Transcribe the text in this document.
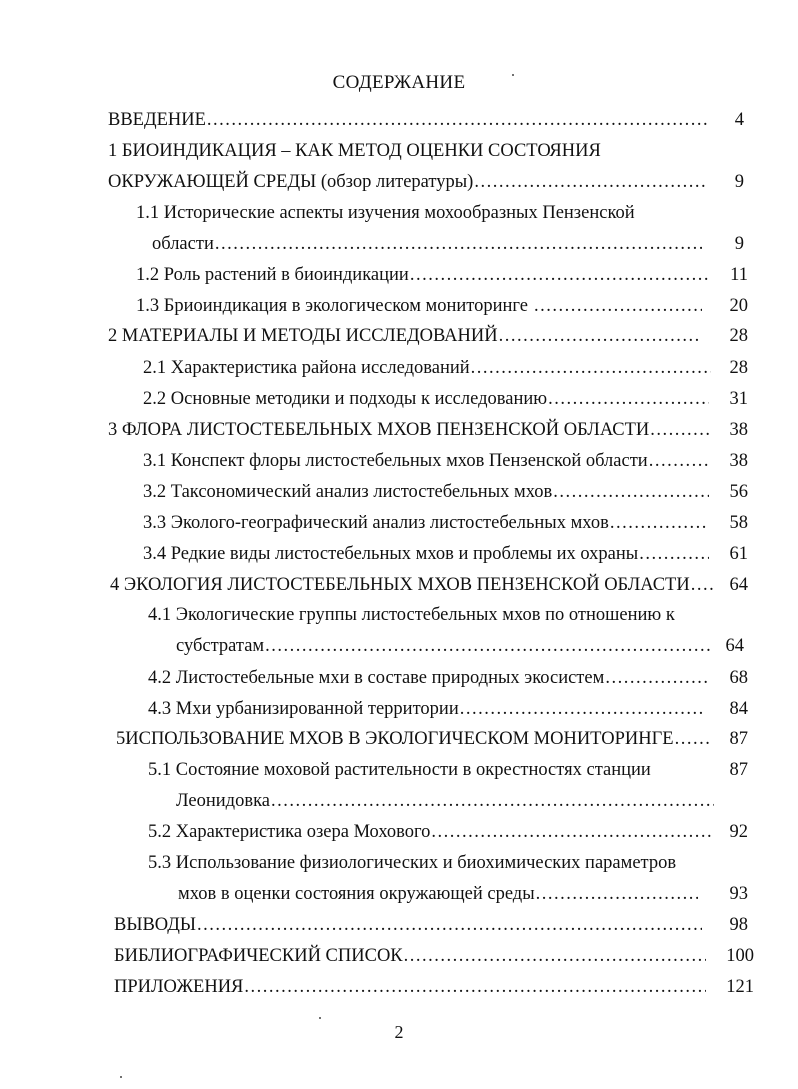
СОДЕРЖАНИЕ
ВВЕДЕНИЕ .....	4
1 БИОИНДИКАЦИЯ – КАК МЕТОД ОЦЕНКИ СОСТОЯНИЯ
ОКРУЖАЮЩЕЙ СРЕДЫ (обзор литературы) .....	9
1.1 Исторические аспекты изучения мохообразных Пензенской
области .....	9
1.2 Роль растений в биоиндикации .....	11
1.3 Бриоиндикация в экологическом мониторинге .....	20
2 МАТЕРИАЛЫ И МЕТОДЫ ИССЛЕДОВАНИЙ .....	28
2.1 Характеристика района исследований .....	28
2.2 Основные методики и подходы к исследованию .....	31
3 ФЛОРА ЛИСТОСТЕБЕЛЬНЫХ МХОВ ПЕНЗЕНСКОЙ ОБЛАСТИ .....	38
3.1 Конспект флоры листостебельных мхов Пензенской области .....	38
3.2 Таксономический анализ листостебельных мхов .....	56
3.3 Эколого-географический анализ листостебельных мхов .....	58
3.4 Редкие виды листостебельных мхов и проблемы их охраны .....	61
4 ЭКОЛОГИЯ ЛИСТОСТЕБЕЛЬНЫХ МХОВ ПЕНЗЕНСКОЙ ОБЛАСТИ .....	64
4.1 Экологические группы листостебельных мхов по отношению к
субстратам .....	64
4.2 Листостебельные мхи в составе природных экосистем .....	68
4.3 Мхи урбанизированной территории .....	84
5ИСПОЛЬЗОВАНИЕ МХОВ В ЭКОЛОГИЧЕСКОМ МОНИТОРИНГЕ .....	87
5.1 Состояние моховой растительности в окрестностях станции	87
Леонидовка
.....
5.2 Характеристика озера Мохового .....	92
5.3 Использование физиологических и биохимических параметров
мхов в оценки состояния окружающей среды .....	93
ВЫВОДЫ .....	98
БИБЛИОГРАФИЧЕСКИЙ СПИСОК .....	100
ПРИЛОЖЕНИЯ .....	121
2
